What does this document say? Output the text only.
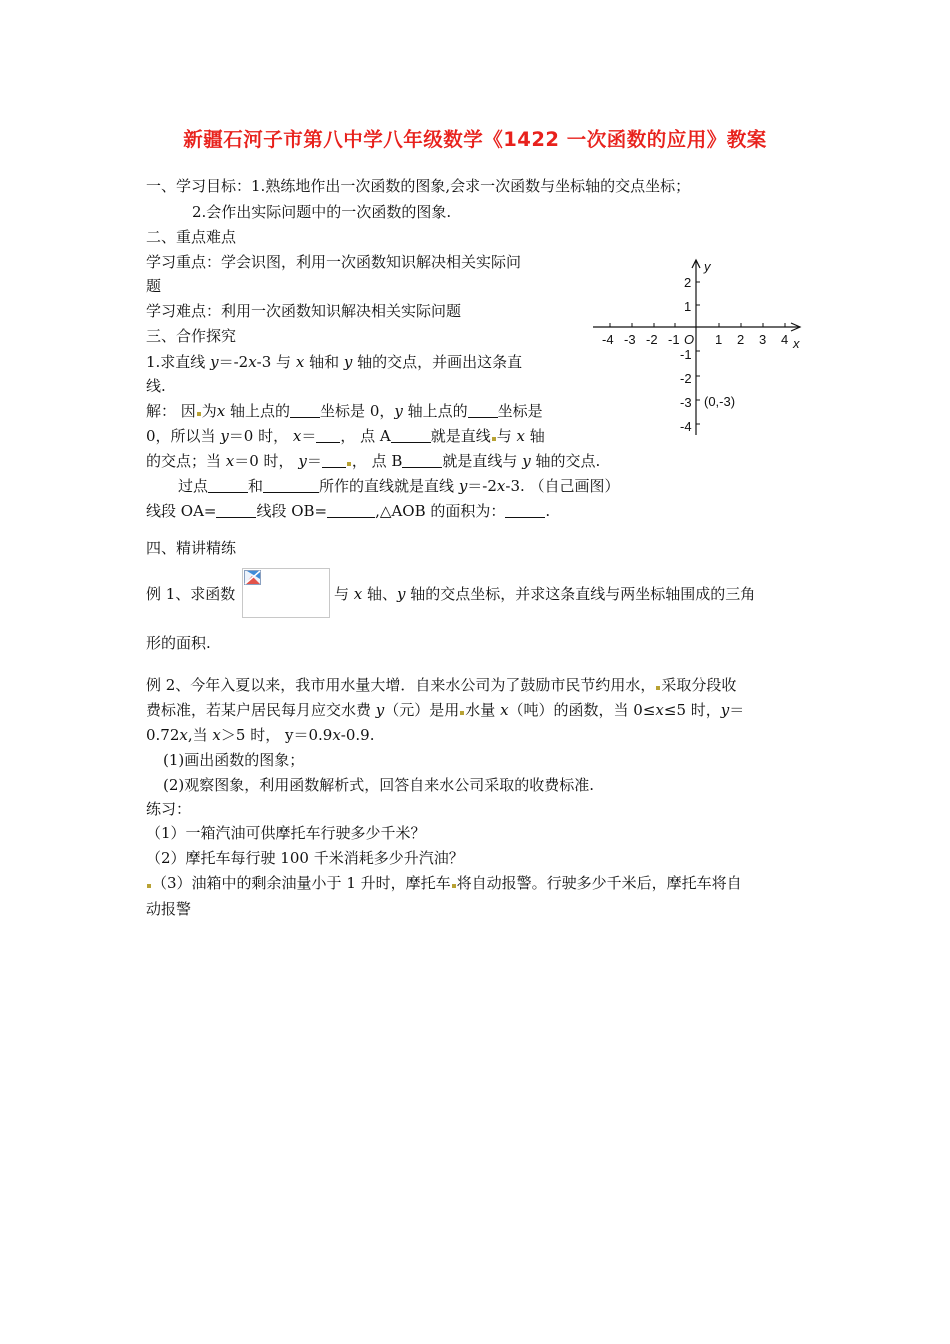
新疆石河子市第八中学八年级数学《1422 一次函数的应用》教案
一、学习目标：1.熟练地作出一次函数的图象,会求一次函数与坐标轴的交点坐标；
2.会作出实际问题中的一次函数的图象.
二、重点难点
学习重点：学会识图，利用一次函数知识解决相关实际问
题
学习难点：利用一次函数知识解决相关实际问题
三、合作探究
1.求直线 y＝-2x-3 与 x 轴和 y 轴的交点，并画出这条直
线.
解： 因 为x 轴上点的 坐标是 0，y 轴上点的 坐标是
0，所以当 y＝0 时， x＝ ， 点 A	就是直线 与 x 轴
的交点；当 x＝0 时， y＝ ， 点 B	就是直线与 y 轴的交点.
过点	和	所作的直线就是直线 y＝-2x-3. （自己画图）
线段 OA=	线段 OB=	,△AOB 的面积为：	.
-4 -3 -2 -1 O 1 2 3 4 x
y
2
1
-1
-2
-3
-4
(0,-3)
四、精讲精练
例 1、求函数	与 x 轴、y 轴的交点坐标，并求这条直线与两坐标轴围成的三角
形的面积.
例 2、今年入夏以来，我市用水量大增．自来水公司为了鼓励市民节约用水， 采取分段收
费标准，若某户居民每月应交水费 y（元）是用 水量 x（吨）的函数，当 0≤x≤5 时，y＝
0.72x,当 x＞5 时， y＝0.9x-0.9.
(1)画出函数的图象；
(2)观察图象，利用函数解析式，回答自来水公司采取的收费标准.
练习：
（1）一箱汽油可供摩托车行驶多少千米？
（2）摩托车每行驶 100 千米消耗多少升汽油？
（3）油箱中的剩余油量小于 1 升时，摩托车 将自动报警。行驶多少千米后，摩托车将自
动报警
